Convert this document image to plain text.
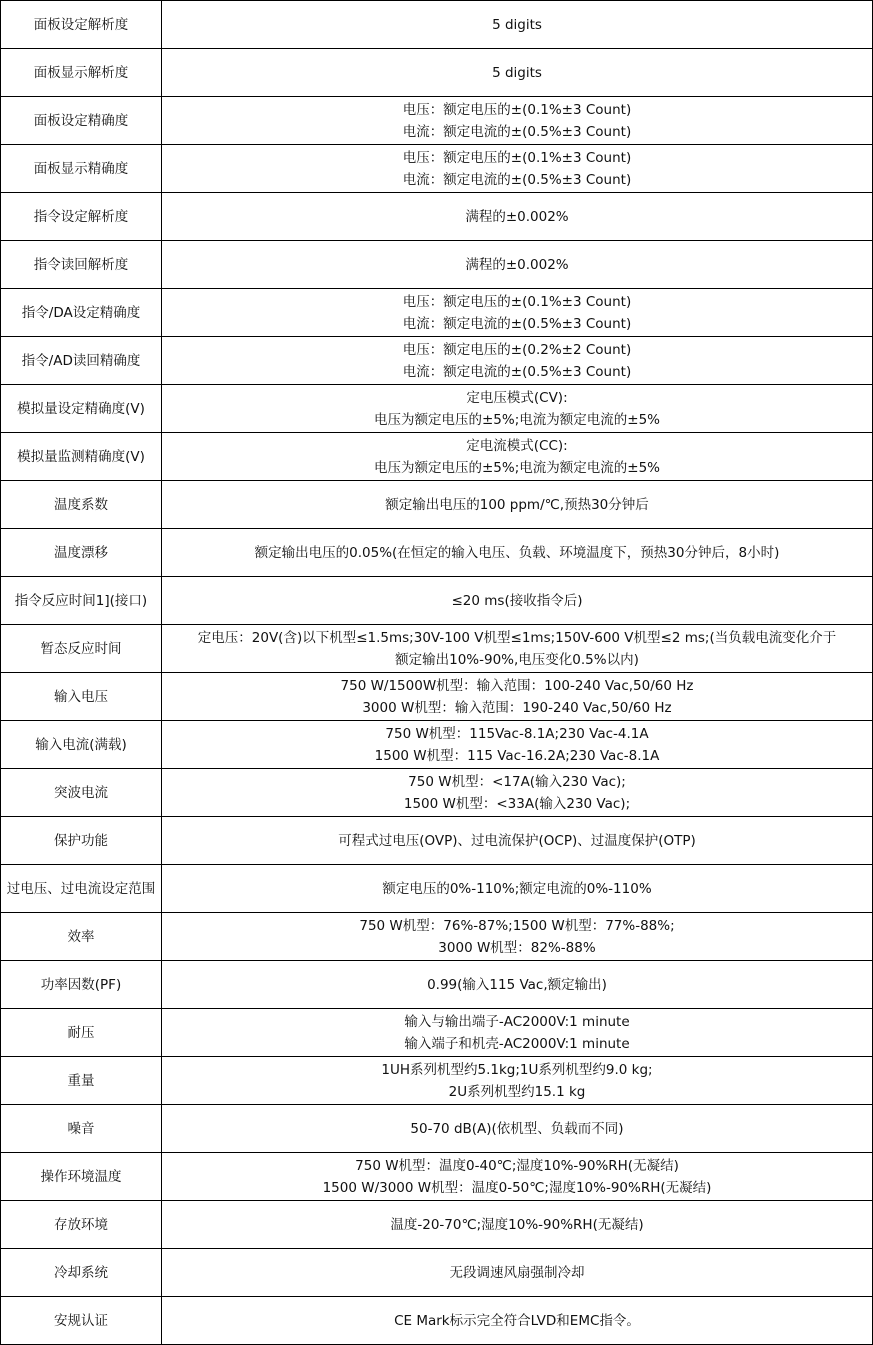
面板设定解析度	5 digits

面板显示解析度	5 digits

面板设定精确度	电压：额定电压的±(0.1%±3 Count)
电流：额定电流的±(0.5%±3 Count)

面板显示精确度	电压：额定电压的±(0.1%±3 Count)
电流：额定电流的±(0.5%±3 Count)

指令设定解析度	满程的±0.002%

指令读回解析度	满程的±0.002%

指令/DA设定精确度	电压：额定电压的±(0.1%±3 Count)
电流：额定电流的±(0.5%±3 Count)

指令/AD读回精确度	电压：额定电压的±(0.2%±2 Count)
电流：额定电流的±(0.5%±3 Count)

模拟量设定精确度(V)	定电压模式(CV):
电压为额定电压的±5%;电流为额定电流的±5%

模拟量监测精确度(V)	定电流模式(CC):
电压为额定电压的±5%;电流为额定电流的±5%

温度系数	额定输出电压的100 ppm/℃,预热30分钟后

温度漂移	额定输出电压的0.05%(在恒定的输入电压、负载、环境温度下，预热30分钟后，8小时)

指令反应时间1](接口)	≤20 ms(接收指令后)

暂态反应时间	定电压：20V(含)以下机型≤1.5ms;30V-100 V机型≤1ms;150V-600 V机型≤2 ms;(当负载电流变化介于
额定输出10%-90%,电压变化0.5%以内)

输入电压	750 W/1500W机型：输入范围：100-240 Vac,50/60 Hz
3000 W机型：输入范围：190-240 Vac,50/60 Hz

输入电流(满载)	750 W机型：115Vac-8.1A;230 Vac-4.1A
1500 W机型：115 Vac-16.2A;230 Vac-8.1A

突波电流	750 W机型：<17A(输入230 Vac);
1500 W机型：<33A(输入230 Vac);

保护功能	可程式过电压(OVP)、过电流保护(OCP)、过温度保护(OTP)

过电压、过电流设定范围	额定电压的0%-110%;额定电流的0%-110%

效率	750 W机型：76%-87%;1500 W机型：77%-88%;
3000 W机型：82%-88%

功率因数(PF)	0.99(输入115 Vac,额定输出)

耐压	输入与输出端子-AC2000V:1 minute
输入端子和机壳-AC2000V:1 minute

重量	1UH系列机型约5.1kg;1U系列机型约9.0 kg;
2U系列机型约15.1 kg

噪音	50-70 dB(A)(依机型、负载而不同)

操作环境温度	750 W机型：温度0-40℃;湿度10%-90%RH(无凝结)
1500 W/3000 W机型：温度0-50℃;湿度10%-90%RH(无凝结)

存放环境	温度-20-70℃;湿度10%-90%RH(无凝结)

冷却系统	无段调速风扇强制冷却

安规认证	CE Mark标示完全符合LVD和EMC指令。
